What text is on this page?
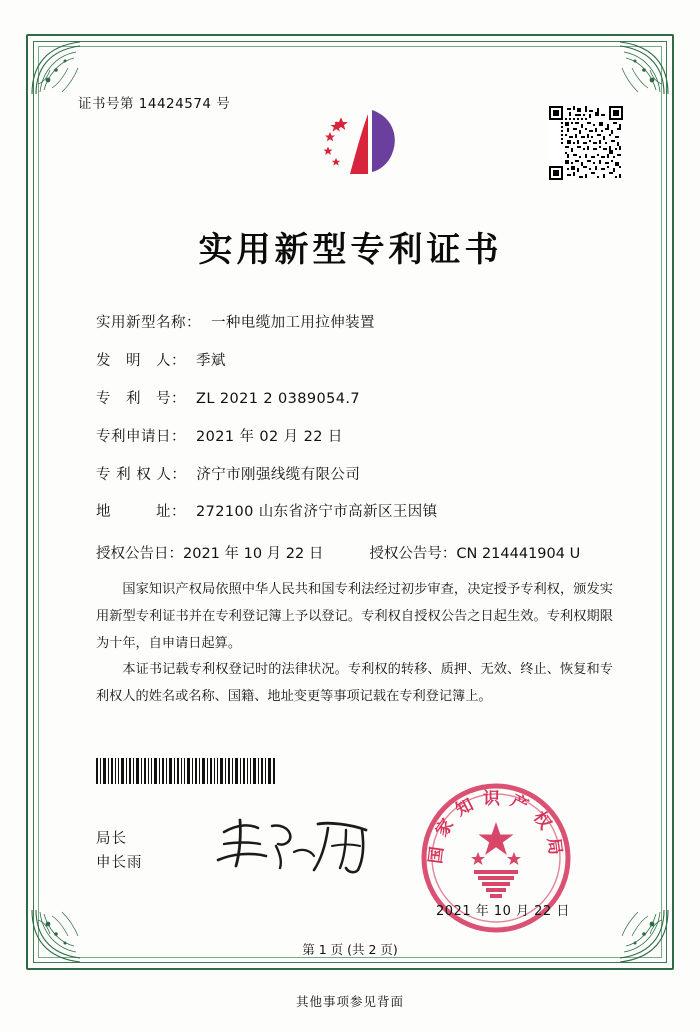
证书号第 14424574 号
实用新型专利证书
实用新型名称： 一种电缆加工用拉伸装置
发　明　人： 季斌
专　利　号： ZL 2021 2 0389054.7
专利申请日： 2021 年 02 月 22 日
专 利 权 人： 济宁市刚强线缆有限公司
地　　　址： 272100 山东省济宁市高新区王因镇
授权公告日： 2021 年 10 月 22 日	授权公告号： CN 214441904 U

国家知识产权局依照中华人民共和国专利法经过初步审查，决定授予专利权，颁发实用新型专利证书并在专利登记簿上予以登记。专利权自授权公告之日起生效。专利权期限为十年，自申请日起算。

本证书记载专利权登记时的法律状况。专利权的转移、质押、无效、终止、恢复和专利权人的姓名或名称、国籍、地址变更等事项记载在专利登记簿上。

局长
申长雨	国家知识产权局
2021 年 10 月 22 日
第 1 页 (共 2 页)
其他事项参见背面
